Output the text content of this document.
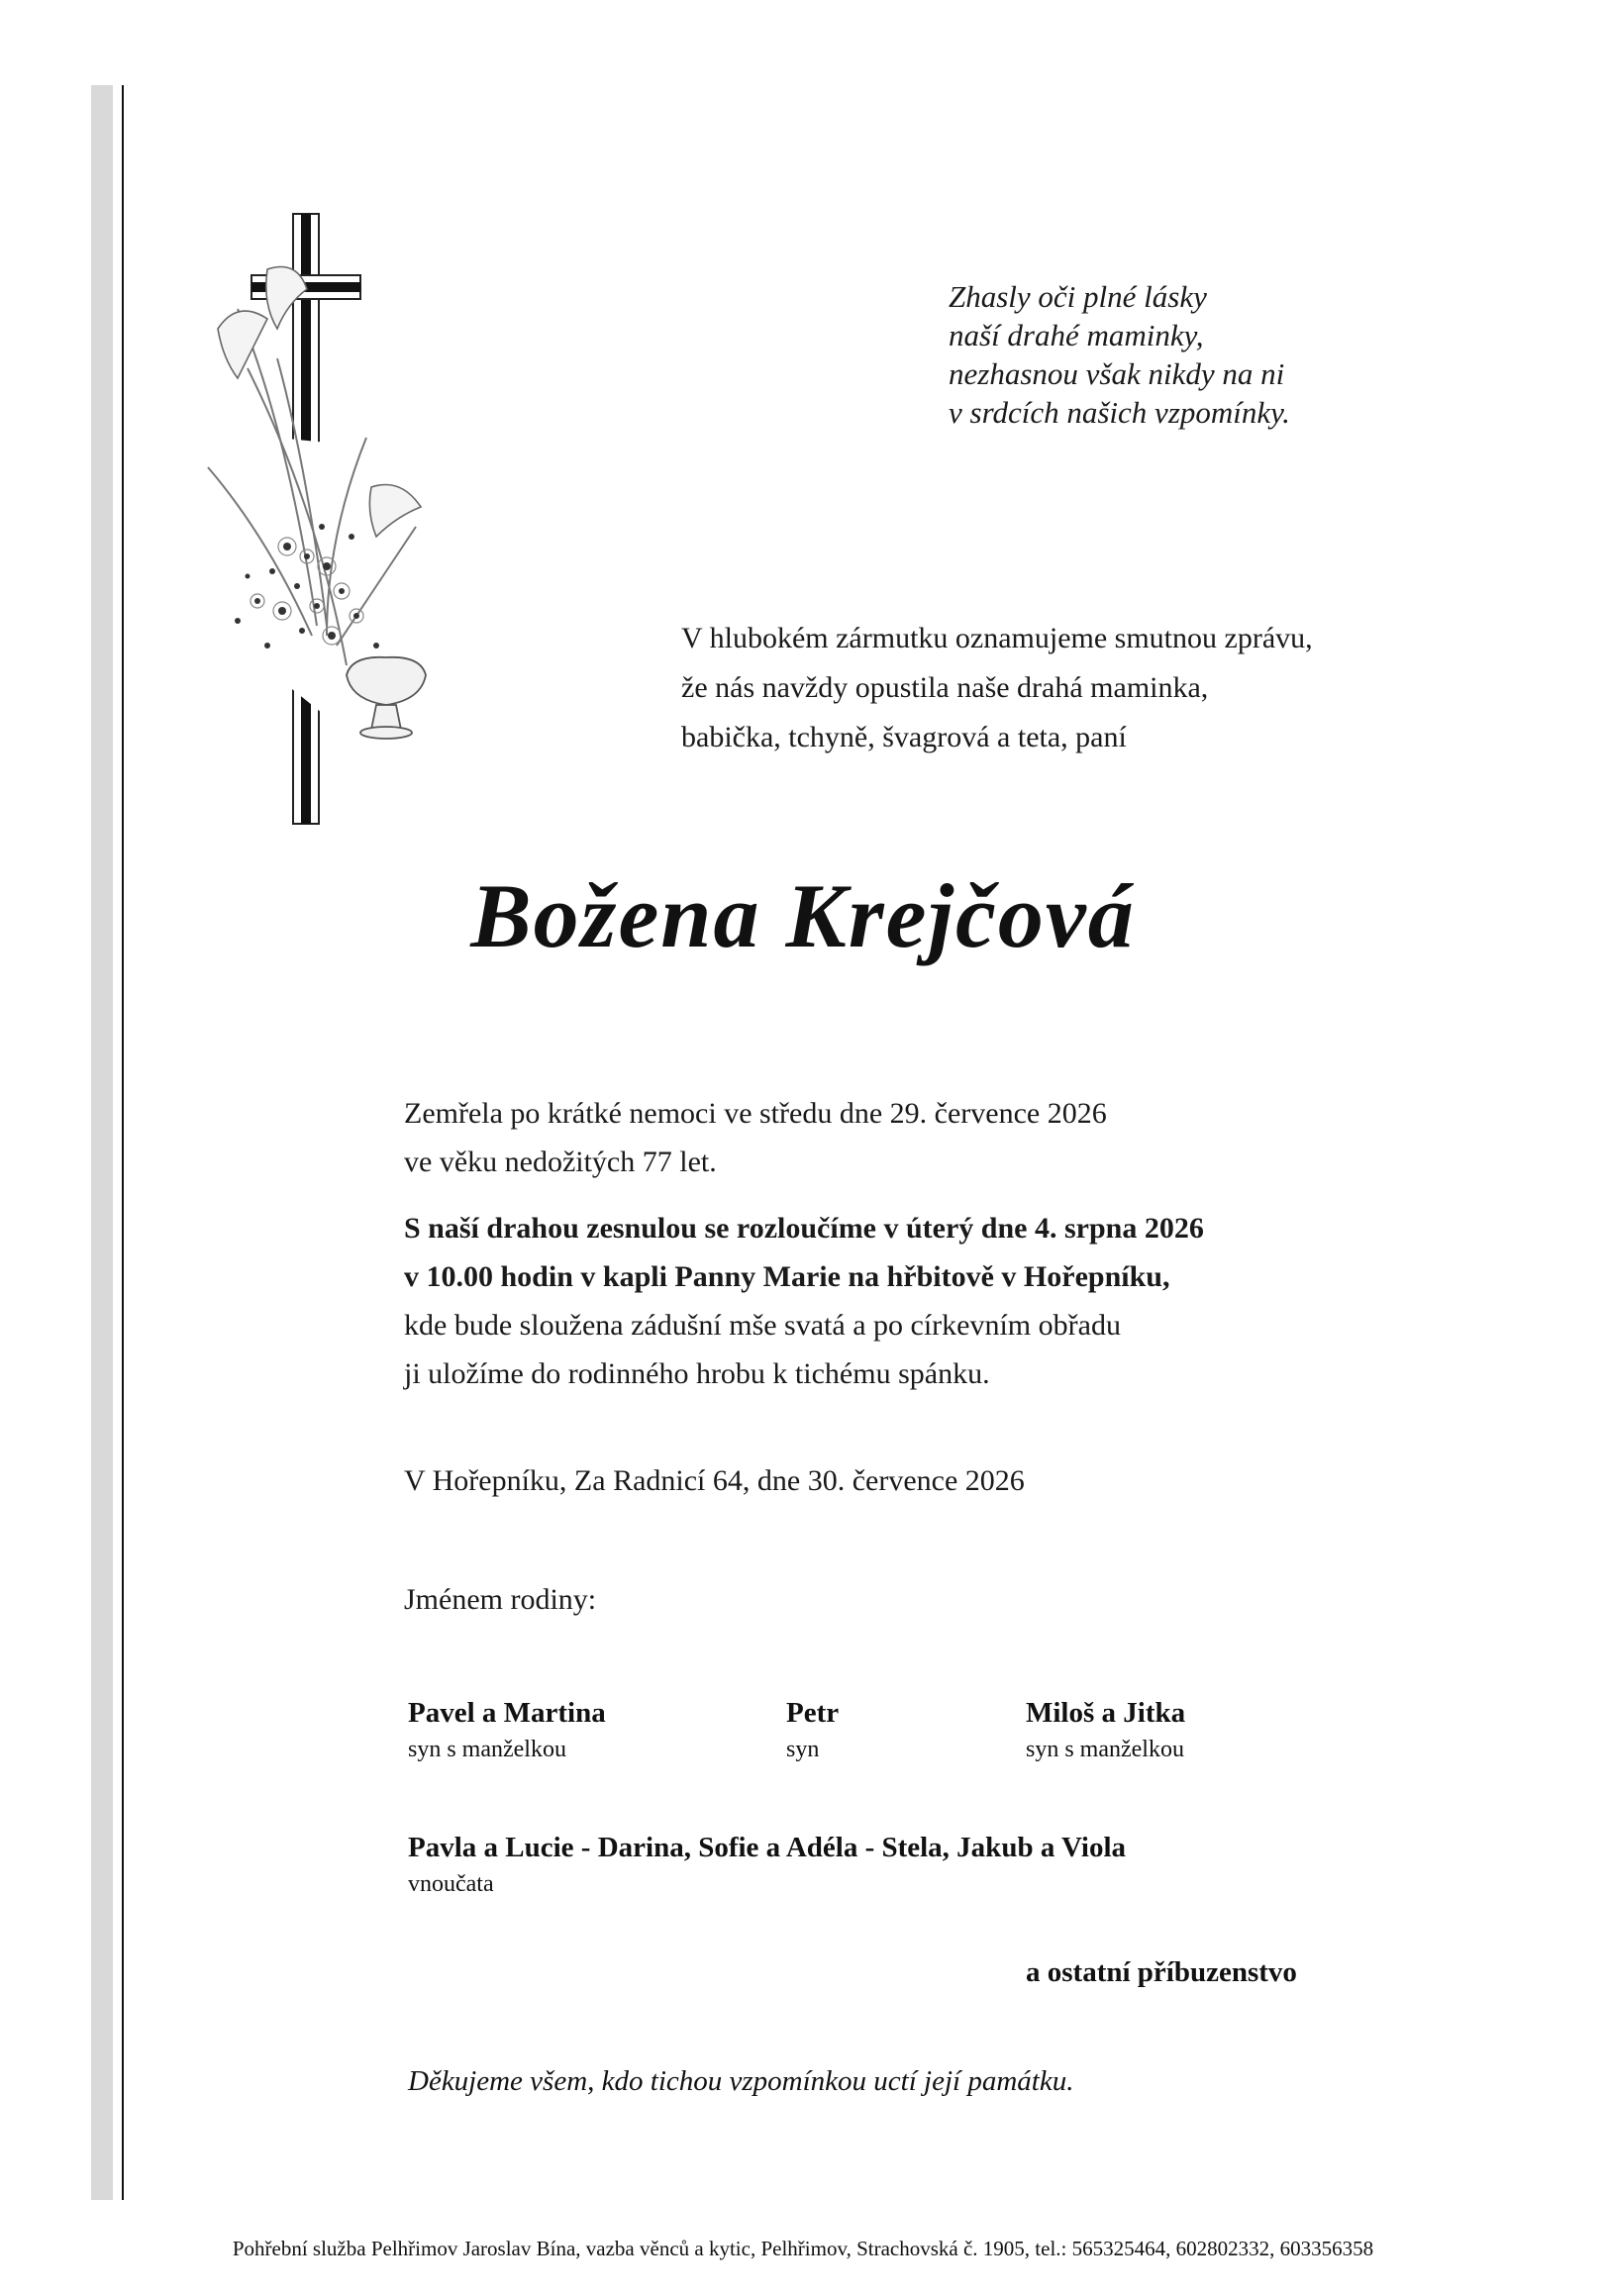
Zhasly oči plné lásky
naší drahé maminky,
nezhasnou však nikdy na ni
v srdcích našich vzpomínky.
V hlubokém zármutku oznamujeme smutnou zprávu,
že nás navždy opustila naše drahá maminka,
babička, tchyně, švagrová a teta, paní
Božena Krejčová
Zemřela po krátké nemoci ve středu dne 29. července 2026
ve věku nedožitých 77 let.
S naší drahou zesnulou se rozloučíme v úterý dne 4. srpna 2026
v 10.00 hodin v kapli Panny Marie na hřbitově v Hořepníku,
kde bude sloužena zádušní mše svatá a po církevním obřadu
ji uložíme do rodinného hrobu k tichému spánku.
V Hořepníku, Za Radnicí 64, dne 30. července 2026
Jménem rodiny:
Pavel a Martina
syn s manželkou
Petr
syn
Miloš a Jitka
syn s manželkou
Pavla a Lucie - Darina, Sofie a Adéla - Stela, Jakub a Viola
vnoučata
a ostatní příbuzenstvo
Děkujeme všem, kdo tichou vzpomínkou uctí její památku.
Pohřební služba Pelhřimov Jaroslav Bína, vazba věnců a kytic, Pelhřimov, Strachovská č. 1905, tel.: 565325464, 602802332, 603356358
